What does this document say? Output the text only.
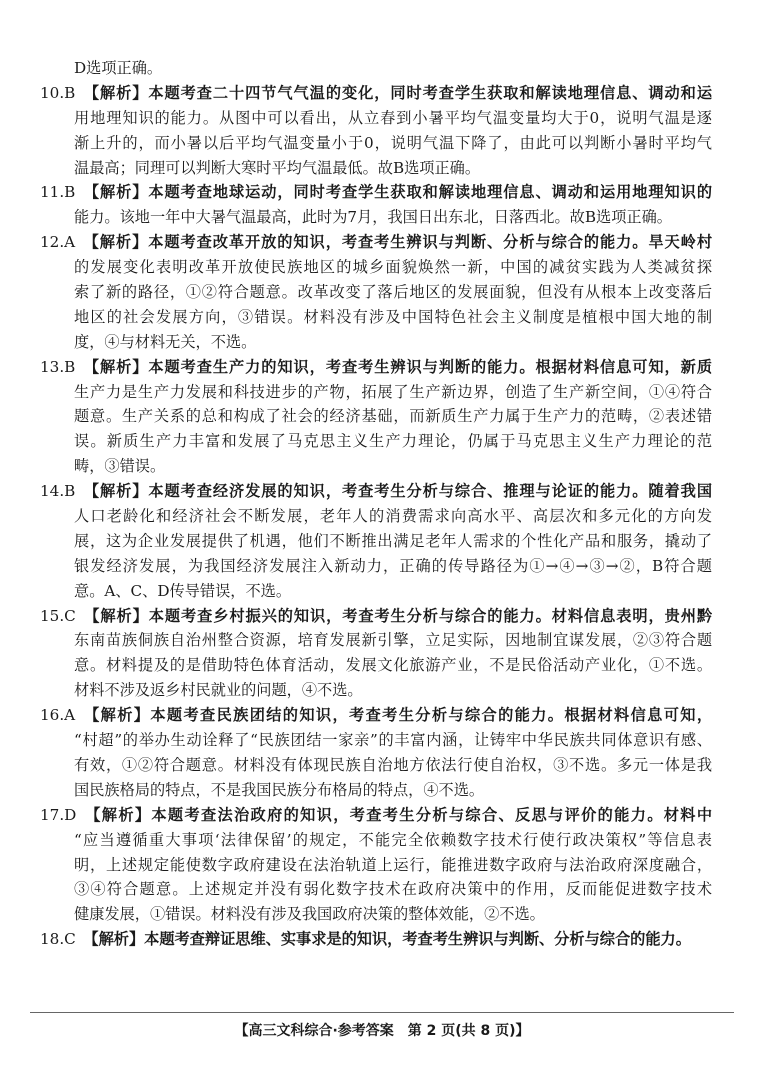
D选项正确。
10.B  【解析】本题考查二十四节气气温的变化，同时考查学生获取和解读地理信息、调动和运
用地理知识的能力。从图中可以看出，从立春到小暑平均气温变量均大于0，说明气温是逐
渐上升的，而小暑以后平均气温变量小于0，说明气温下降了，由此可以判断小暑时平均气
温最高；同理可以判断大寒时平均气温最低。故B选项正确。
11.B  【解析】本题考查地球运动，同时考查学生获取和解读地理信息、调动和运用地理知识的
能力。该地一年中大暑气温最高，此时为7月，我国日出东北，日落西北。故B选项正确。
12.A  【解析】本题考查改革开放的知识，考查考生辨识与判断、分析与综合的能力。旱天岭村
的发展变化表明改革开放使民族地区的城乡面貌焕然一新，中国的减贫实践为人类减贫探
索了新的路径，①②符合题意。改革改变了落后地区的发展面貌，但没有从根本上改变落后
地区的社会发展方向，③错误。材料没有涉及中国特色社会主义制度是植根中国大地的制
度，④与材料无关，不选。
13.B  【解析】本题考查生产力的知识，考查考生辨识与判断的能力。根据材料信息可知，新质
生产力是生产力发展和科技进步的产物，拓展了生产新边界，创造了生产新空间，①④符合
题意。生产关系的总和构成了社会的经济基础，而新质生产力属于生产力的范畴，②表述错
误。新质生产力丰富和发展了马克思主义生产力理论，仍属于马克思主义生产力理论的范
畴，③错误。
14.B  【解析】本题考查经济发展的知识，考查考生分析与综合、推理与论证的能力。随着我国
人口老龄化和经济社会不断发展，老年人的消费需求向高水平、高层次和多元化的方向发
展，这为企业发展提供了机遇，他们不断推出满足老年人需求的个性化产品和服务，撬动了
银发经济发展，为我国经济发展注入新动力，正确的传导路径为①→④→③→②，B符合题
意。A、C、D传导错误，不选。
15.C  【解析】本题考查乡村振兴的知识，考查考生分析与综合的能力。材料信息表明，贵州黔
东南苗族侗族自治州整合资源，培育发展新引擎，立足实际，因地制宜谋发展，②③符合题
意。材料提及的是借助特色体育活动，发展文化旅游产业，不是民俗活动产业化，①不选。
材料不涉及返乡村民就业的问题，④不选。
16.A  【解析】本题考查民族团结的知识，考查考生分析与综合的能力。根据材料信息可知，
“村超”的举办生动诠释了“民族团结一家亲”的丰富内涵，让铸牢中华民族共同体意识有感、
有效，①②符合题意。材料没有体现民族自治地方依法行使自治权，③不选。多元一体是我
国民族格局的特点，不是我国民族分布格局的特点，④不选。
17.D  【解析】本题考查法治政府的知识，考查考生分析与综合、反思与评价的能力。材料中
“应当遵循重大事项‘法律保留’的规定，不能完全依赖数字技术行使行政决策权”等信息表
明，上述规定能使数字政府建设在法治轨道上运行，能推进数字政府与法治政府深度融合，
③④符合题意。上述规定并没有弱化数字技术在政府决策中的作用，反而能促进数字技术
健康发展，①错误。材料没有涉及我国政府决策的整体效能，②不选。
18.C  【解析】本题考查辩证思维、实事求是的知识，考查考生辨识与判断、分析与综合的能力。
【高三文科综合·参考答案　第 2 页(共 8 页)】
